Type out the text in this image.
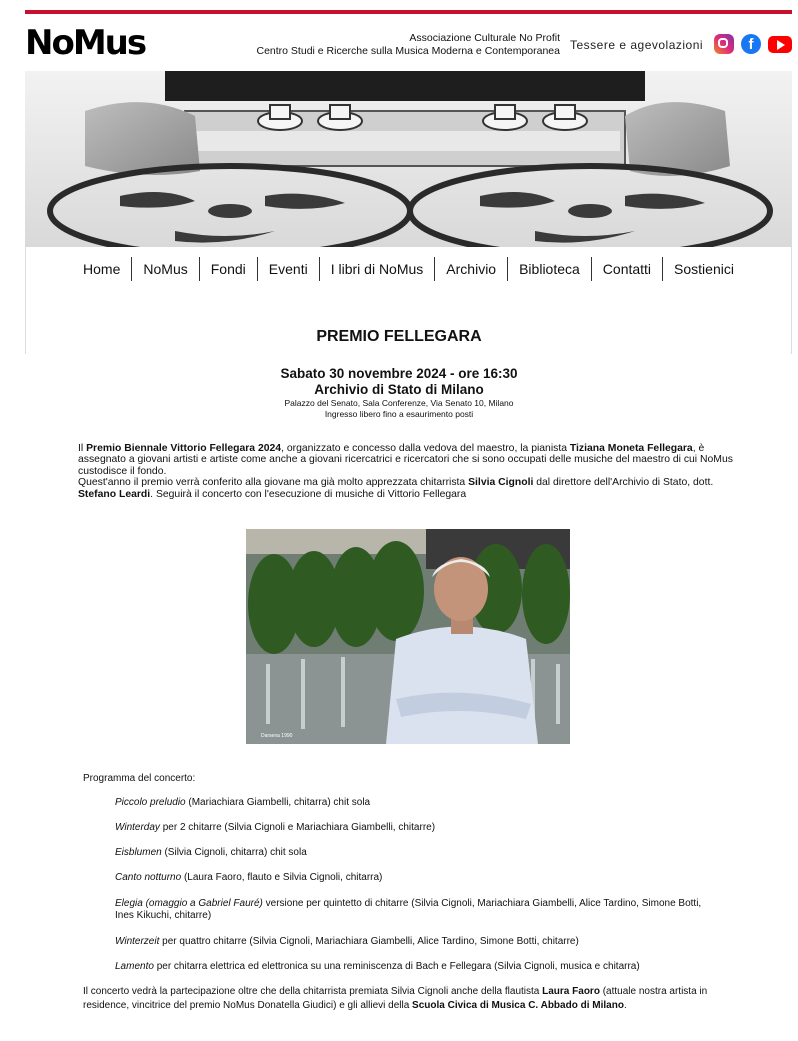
NoMus	Associazione Culturale No Profit
Centro Studi e Ricerche sulla Musica Moderna e Contemporanea Tessere e agevolazioni	f
Home	NoMus	Fondi	Eventi	I libri di NoMus	Archivio	Biblioteca	Contatti	Sostienici
PREMIO FELLEGARA
Sabato 30 novembre 2024 - ore 16:30
Archivio di Stato di Milano
Palazzo del Senato, Sala Conferenze, Via Senato 10, Milano
Ingresso libero fino a esaurimento posti
Il Premio Biennale Vittorio Fellegara 2024, organizzato e concesso dalla vedova del maestro, la pianista Tiziana Moneta Fellegara, è assegnato a giovani artisti e artiste come anche a giovani ricercatrici e ricercatori che si sono occupati delle musiche del maestro di cui NoMus custodisce il fondo.
Quest'anno il premio verrà conferito alla giovane ma già molto apprezzata chitarrista Silvia Cignoli dal direttore dell'Archivio di Stato, dott. Stefano Leardi. Seguirà il concerto con l'esecuzione di musiche di Vittorio Fellegara
Darsena 1990
Programma del concerto:
Piccolo preludio (Mariachiara Giambelli, chitarra) chit sola
Winterday per 2 chitarre (Silvia Cignoli e Mariachiara Giambelli, chitarre)
Eisblumen (Silvia Cignoli, chitarra) chit sola
Canto notturno (Laura Faoro, flauto e Silvia Cignoli, chitarra)
Elegia (omaggio a Gabriel Fauré) versione per quintetto di chitarre (Silvia Cignoli, Mariachiara Giambelli, Alice Tardino, Simone Botti, Ines Kikuchi, chitarre)
Winterzeit per quattro chitarre (Silvia Cignoli, Mariachiara Giambelli, Alice Tardino, Simone Botti, chitarre)
Lamento per chitarra elettrica ed elettronica su una reminiscenza di Bach e Fellegara (Silvia Cignoli, musica e chitarra)
Il concerto vedrà la partecipazione oltre che della chitarrista premiata Silvia Cignoli anche della flautista Laura Faoro (attuale nostra artista in residence, vincitrice del premio NoMus Donatella Giudici) e gli allievi della Scuola Civica di Musica C. Abbado di Milano.
